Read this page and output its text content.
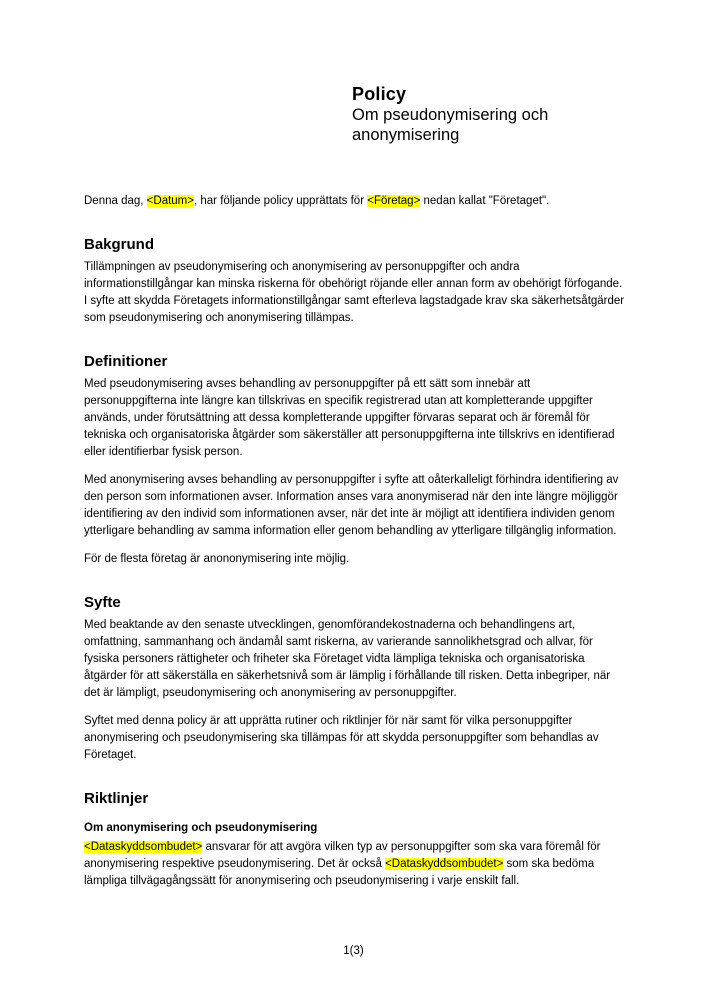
Policy
Om pseudonymisering och anonymisering

Denna dag, <Datum>, har följande policy upprättats för <Företag> nedan kallat "Företaget".

Bakgrund

Tillämpningen av pseudonymisering och anonymisering av personuppgifter och andra informationstillgångar kan minska riskerna för obehörigt röjande eller annan form av obehörigt förfogande. I syfte att skydda Företagets informationstillgångar samt efterleva lagstadgade krav ska säkerhetsåtgärder som pseudonymisering och anonymisering tillämpas.

Definitioner

Med pseudonymisering avses behandling av personuppgifter på ett sätt som innebär att personuppgifterna inte längre kan tillskrivas en specifik registrerad utan att kompletterande uppgifter används, under förutsättning att dessa kompletterande uppgifter förvaras separat och är föremål för tekniska och organisatoriska åtgärder som säkerställer att personuppgifterna inte tillskrivs en identifierad eller identifierbar fysisk person.

Med anonymisering avses behandling av personuppgifter i syfte att oåterkalleligt förhindra identifiering av den person som informationen avser. Information anses vara anonymiserad när den inte längre möjliggör identifiering av den individ som informationen avser, när det inte är möjligt att identifiera individen genom ytterligare behandling av samma information eller genom behandling av ytterligare tillgänglig information.

För de flesta företag är anononymisering inte möjlig.

Syfte

Med beaktande av den senaste utvecklingen, genomförandekostnaderna och behandlingens art, omfattning, sammanhang och ändamål samt riskerna, av varierande sannolikhetsgrad och allvar, för fysiska personers rättigheter och friheter ska Företaget vidta lämpliga tekniska och organisatoriska åtgärder för att säkerställa en säkerhetsnivå som är lämplig i förhållande till risken. Detta inbegriper, när det är lämpligt, pseudonymisering och anonymisering av personuppgifter.

Syftet med denna policy är att upprätta rutiner och riktlinjer för när samt för vilka personuppgifter anonymisering och pseudonymisering ska tillämpas för att skydda personuppgifter som behandlas av Företaget.

Riktlinjer
Om anonymisering och pseudonymisering

<Dataskyddsombudet> ansvarar för att avgöra vilken typ av personuppgifter som ska vara föremål för anonymisering respektive pseudonymisering. Det är också <Dataskyddsombudet> som ska bedöma lämpliga tillvägagångssätt för anonymisering och pseudonymisering i varje enskilt fall.

1(3)
